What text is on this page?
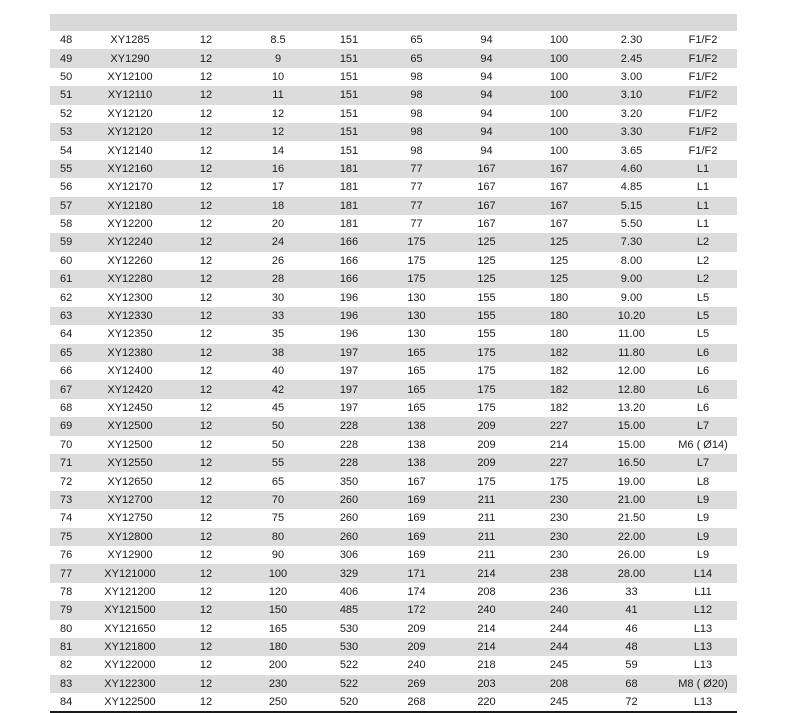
48	XY1285	12	8.5	151	65	94	100	2.30	F1/F2
49	XY1290	12	9	151	65	94	100	2.45	F1/F2
50	XY12100	12	10	151	98	94	100	3.00	F1/F2
51	XY12110	12	11	151	98	94	100	3.10	F1/F2
52	XY12120	12	12	151	98	94	100	3.20	F1/F2
53	XY12120	12	12	151	98	94	100	3.30	F1/F2
54	XY12140	12	14	151	98	94	100	3.65	F1/F2
55	XY12160	12	16	181	77	167	167	4.60	L1
56	XY12170	12	17	181	77	167	167	4.85	L1
57	XY12180	12	18	181	77	167	167	5.15	L1
58	XY12200	12	20	181	77	167	167	5.50	L1
59	XY12240	12	24	166	175	125	125	7.30	L2
60	XY12260	12	26	166	175	125	125	8.00	L2
61	XY12280	12	28	166	175	125	125	9.00	L2
62	XY12300	12	30	196	130	155	180	9.00	L5
63	XY12330	12	33	196	130	155	180	10.20	L5
64	XY12350	12	35	196	130	155	180	11.00	L5
65	XY12380	12	38	197	165	175	182	11.80	L6
66	XY12400	12	40	197	165	175	182	12.00	L6
67	XY12420	12	42	197	165	175	182	12.80	L6
68	XY12450	12	45	197	165	175	182	13.20	L6
69	XY12500	12	50	228	138	209	227	15.00	L7
70	XY12500	12	50	228	138	209	214	15.00	M6 ( Ø14)
71	XY12550	12	55	228	138	209	227	16.50	L7
72	XY12650	12	65	350	167	175	175	19.00	L8
73	XY12700	12	70	260	169	211	230	21.00	L9
74	XY12750	12	75	260	169	211	230	21.50	L9
75	XY12800	12	80	260	169	211	230	22.00	L9
76	XY12900	12	90	306	169	211	230	26.00	L9
77	XY121000	12	100	329	171	214	238	28.00	L14
78	XY121200	12	120	406	174	208	236	33	L11
79	XY121500	12	150	485	172	240	240	41	L12
80	XY121650	12	165	530	209	214	244	46	L13
81	XY121800	12	180	530	209	214	244	48	L13
82	XY122000	12	200	522	240	218	245	59	L13
83	XY122300	12	230	522	269	203	208	68	M8 ( Ø20)
84	XY122500	12	250	520	268	220	245	72	L13
